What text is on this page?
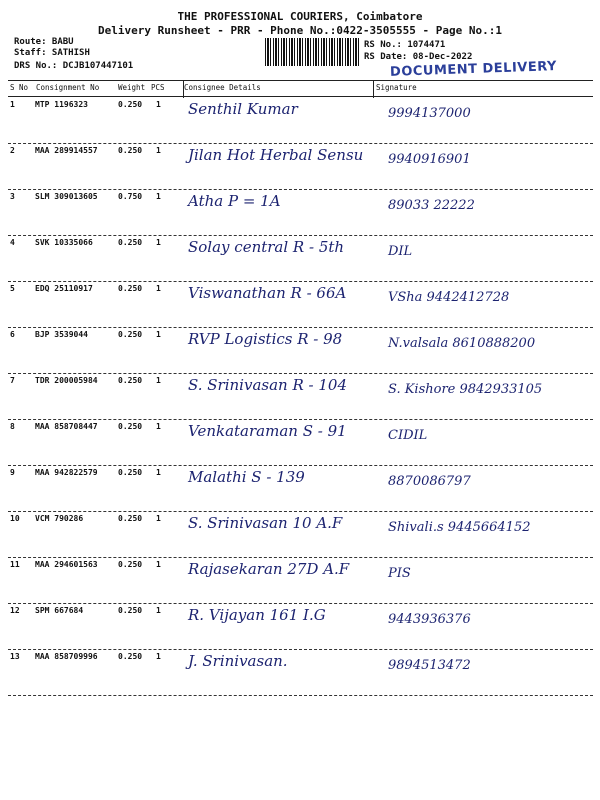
THE PROFESSIONAL COURIERS, Coimbatore
Delivery Runsheet - PRR - Phone No.:0422-3505555 - Page No.:1
Route: BABU
Staff: SATHISH
DRS No.: DCJB107447101
RS No.: 1074471
RS Date: 08-Dec-2022
DOCUMENT DELIVERY
S No Consignment No	Weight PCS	Consignee Details	Signature
1	MTP 1196323	0.250 1 Senthil Kumar	9994137000
2	MAA 289914557	0.250 1 Jilan Hot Herbal Sensu 9940916901
3	SLM 309013605	0.750 1 Atha P = 1A	89033 22222
4	SVK 10335066	0.250 1 Solay central R - 5th	DIL
5	EDQ 25110917	0.250 1 Viswanathan R - 66A	VSha 9442412728
6	BJP 3539044	0.250 1 RVP Logistics R - 98	N.valsala 8610888200
7	TDR 200005984	0.250 1 S. Srinivasan R - 104	S. Kishore 9842933105
8	MAA 858708447	0.250 1 Venkataraman S - 91	CIDIL
9	MAA 942822579	0.250 1 Malathi S - 139	8870086797
10 VCM 790286	0.250 1 S. Srinivasan 10 A.F	Shivali.s 9445664152
11 MAA 294601563	0.250 1 Rajasekaran 27D A.F	PIS
12 SPM 667684	0.250 1 R. Vijayan 161 I.G	9443936376
13 MAA 858709996	0.250 1 J. Srinivasan.	9894513472
